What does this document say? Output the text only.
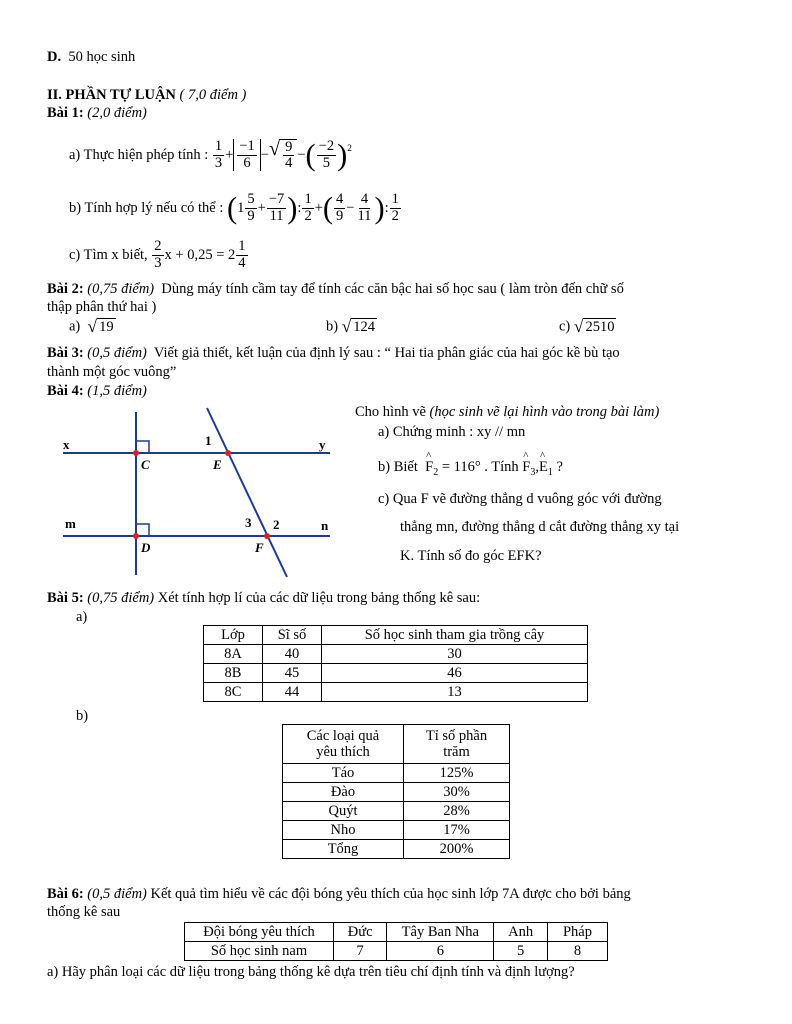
D. 50 học sinh
II. PHẦN TỰ LUẬN ( 7,0 điểm )
Bài 1: (2,0 điểm)
a) Thực hiện phép tính :
$\frac{1}{3} + \frac{-1}{6}$ − √ $\frac{9}{4}$ − ( $\frac{-2}{5}$ ) 2
b) Tính hợp lý nếu có thể :
( $1 \frac{5}{9} + \frac{-7}{11}$ ) : $\frac{1}{2}$ + ( $\frac{4}{9} - \frac{4}{11}$ ) : $\frac{1}{2}$
c) Tìm x biết,
$\frac{2}{3}$ $x + 0,25 = 2 \frac{1}{4}$
Bài 2: (0,75 điểm) Dùng máy tính cầm tay để tính các căn bậc hai số học sau ( làm tròn đến chữ số
thập phân thứ hai )
a) √ 19	b) √ 124	c) √ 2510
Bài 3: (0,5 điểm) Viết giả thiết, kết luận của định lý sau : “ Hai tia phân giác của hai góc kề bù tạo
thành một góc vuông”
Bài 4: (1,5 điểm)
x	y
m	n
1
3 2
C	E
D	F
Cho hình vẽ (học sinh vẽ lại hình vào trong bài làm)
a) Chứng minh : xy // mn
b) Biết ^ $F_2 = 116^\circ$ . Tính ^ $F_3,\^{}$ $E_1$ ?
c) Qua F vẽ đường thẳng d vuông góc với đường
thẳng mn, đường thẳng d cắt đường thẳng xy tại
K. Tính số đo góc EFK?
Bài 5: (0,75 điểm) Xét tính hợp lí của các dữ liệu trong bảng thống kê sau:
a)
Lớp	Sĩ số	Số học sinh tham gia trồng cây
8A	40	30
8B	45	46
8C	44	13
b)
Các loại quả
yêu thích	Tỉ số phần
trăm
Táo	125%
Đào	30%
Quýt	28%
Nho	17%
Tổng	200%
Bài 6: (0,5 điểm) Kết quả tìm hiểu về các đội bóng yêu thích của học sinh lớp 7A được cho bởi bảng
thống kê sau
Đội bóng yêu thích	Đức	Tây Ban Nha	Anh	Pháp
Số học sinh nam	7	6	5	8
a) Hãy phân loại các dữ liệu trong bảng thống kê dựa trên tiêu chí định tính và định lượng?
